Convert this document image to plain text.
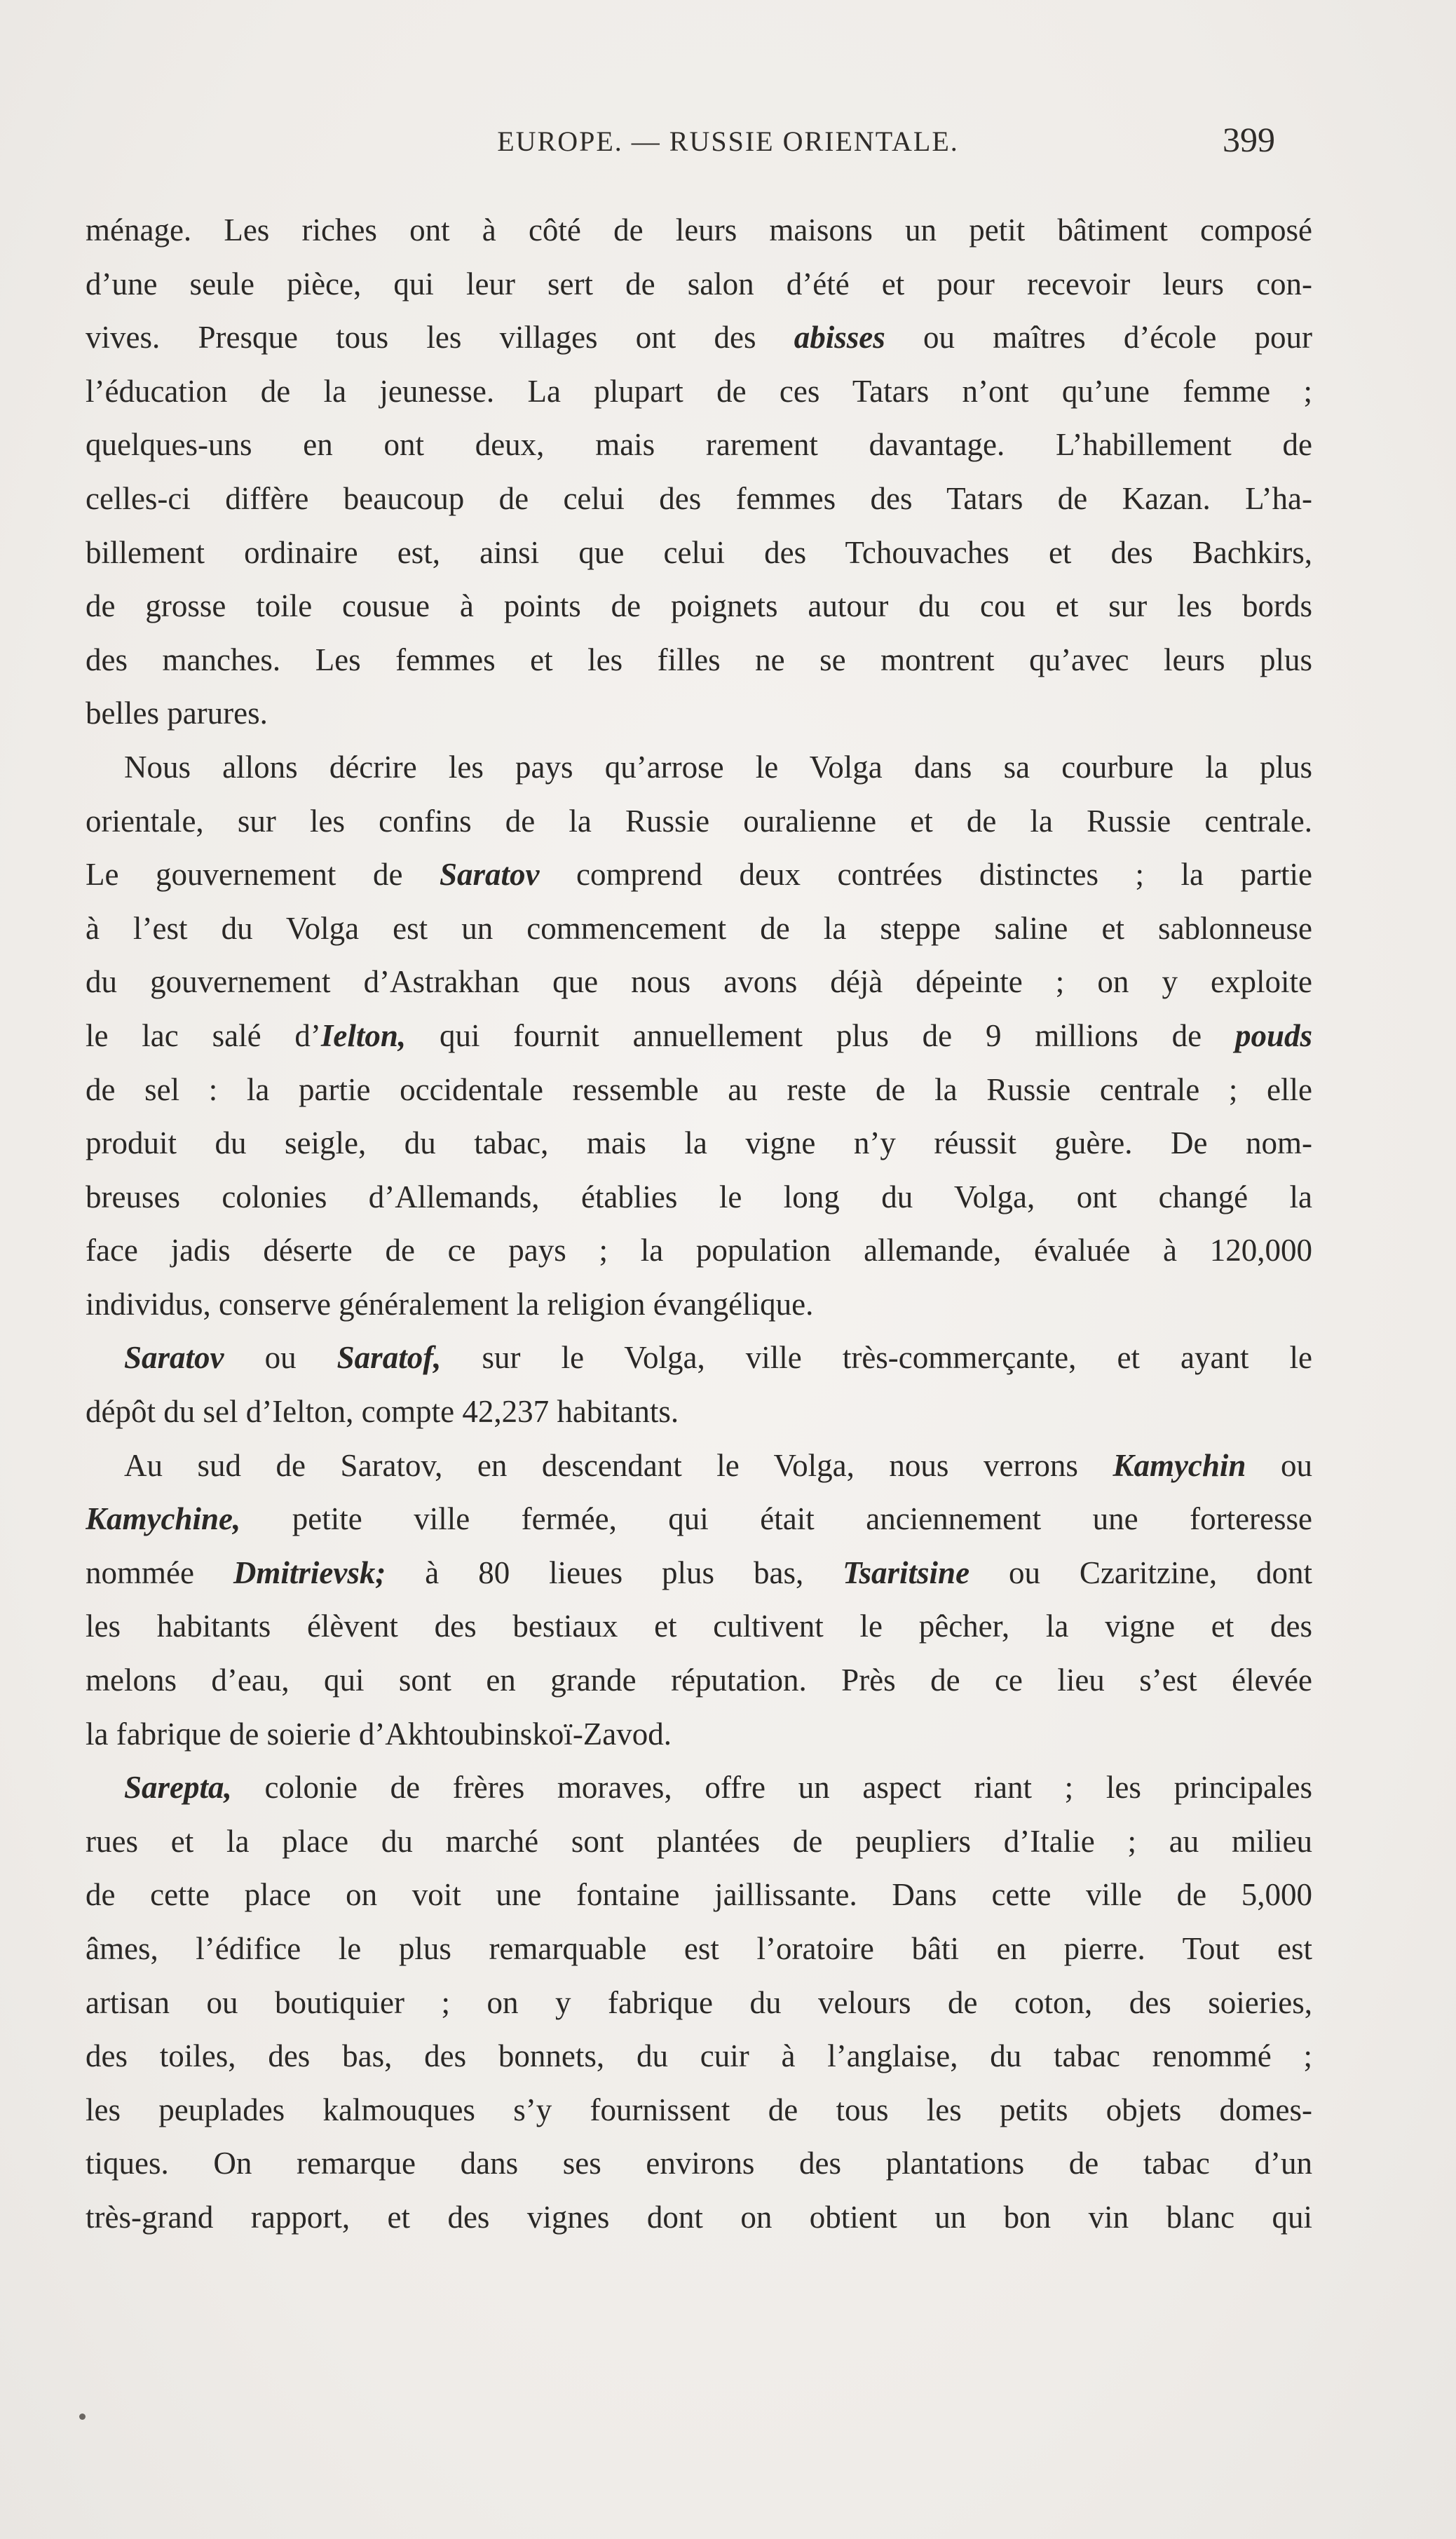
EUROPE. — RUSSIE ORIENTALE.	399
ménage. Les riches ont à côté de leurs maisons un petit bâtiment composé
d’une seule pièce, qui leur sert de salon d’été et pour recevoir leurs con-
vives. Presque tous les villages ont des abisses ou maîtres d’école pour
l’éducation de la jeunesse. La plupart de ces Tatars n’ont qu’une femme ;
quelques-uns en ont deux, mais rarement davantage. L’habillement de
celles-ci diffère beaucoup de celui des femmes des Tatars de Kazan. L’ha-
billement ordinaire est, ainsi que celui des Tchouvaches et des Bachkirs,
de grosse toile cousue à points de poignets autour du cou et sur les bords
des manches. Les femmes et les filles ne se montrent qu’avec leurs plus
belles parures.
Nous allons décrire les pays qu’arrose le Volga dans sa courbure la plus
orientale, sur les confins de la Russie ouralienne et de la Russie centrale.
Le gouvernement de Saratov comprend deux contrées distinctes ; la partie
à l’est du Volga est un commencement de la steppe saline et sablonneuse
du gouvernement d’Astrakhan que nous avons déjà dépeinte ; on y exploite
le lac salé d’Ielton, qui fournit annuellement plus de 9 millions de pouds
de sel : la partie occidentale ressemble au reste de la Russie centrale ; elle
produit du seigle, du tabac, mais la vigne n’y réussit guère. De nom-
breuses colonies d’Allemands, établies le long du Volga, ont changé la
face jadis déserte de ce pays ; la population allemande, évaluée à 120,000
individus, conserve généralement la religion évangélique.
Saratov ou Saratof, sur le Volga, ville très-commerçante, et ayant le
dépôt du sel d’Ielton, compte 42,237 habitants.
Au sud de Saratov, en descendant le Volga, nous verrons Kamychin ou
Kamychine, petite ville fermée, qui était anciennement une forteresse
nommée Dmitrievsk; à 80 lieues plus bas, Tsaritsine ou Czaritzine, dont
les habitants élèvent des bestiaux et cultivent le pêcher, la vigne et des
melons d’eau, qui sont en grande réputation. Près de ce lieu s’est élevée
la fabrique de soierie d’Akhtoubinskoï-Zavod.
Sarepta, colonie de frères moraves, offre un aspect riant ; les principales
rues et la place du marché sont plantées de peupliers d’Italie ; au milieu
de cette place on voit une fontaine jaillissante. Dans cette ville de 5,000
âmes, l’édifice le plus remarquable est l’oratoire bâti en pierre. Tout est
artisan ou boutiquier ; on y fabrique du velours de coton, des soieries,
des toiles, des bas, des bonnets, du cuir à l’anglaise, du tabac renommé ;
les peuplades kalmouques s’y fournissent de tous les petits objets domes-
tiques. On remarque dans ses environs des plantations de tabac d’un
très-grand rapport, et des vignes dont on obtient un bon vin blanc qui
